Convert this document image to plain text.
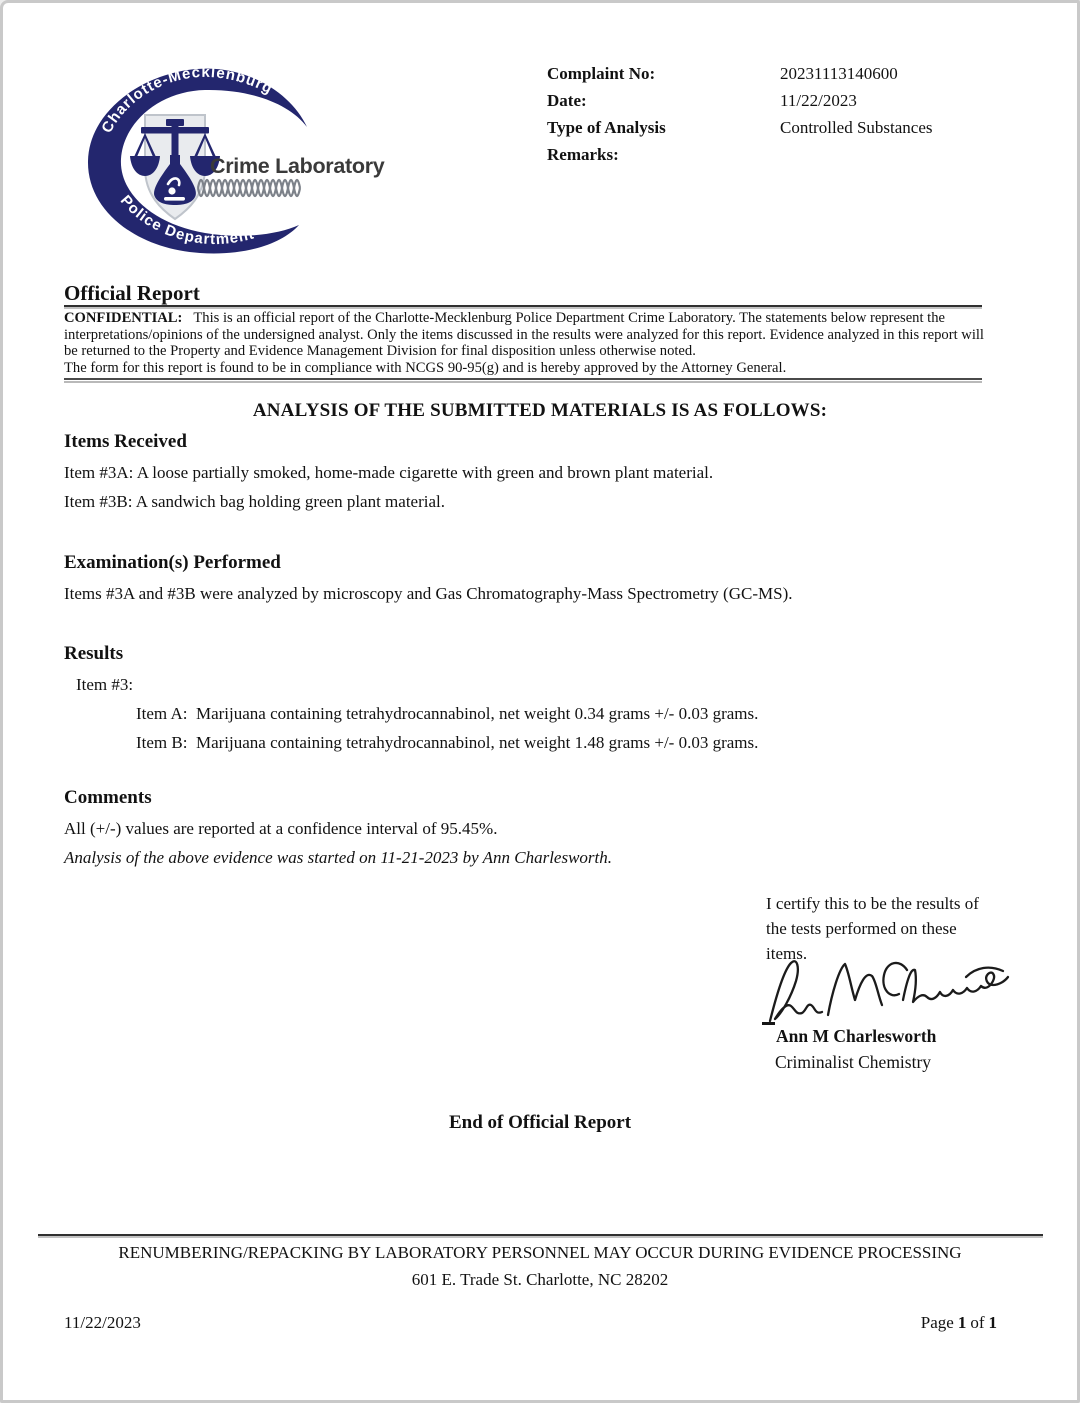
Charlotte-Mecklenburg
Police Department
Crime Laboratory
Complaint No:	20231113140600
Date:	11/22/2023
Type of Analysis	Controlled Substances
Remarks:
Official Report

CONFIDENTIAL: This is an official report of the Charlotte-Mecklenburg Police Department Crime Laboratory. The statements below represent the interpretations/opinions of the undersigned analyst. Only the items discussed in the results were analyzed for this report. Evidence analyzed in this report will be returned to the Property and Evidence Management Division for final disposition unless otherwise noted.

The form for this report is found to be in compliance with NCGS 90-95(g) and is hereby approved by the Attorney General.

ANALYSIS OF THE SUBMITTED MATERIALS IS AS FOLLOWS:
Items Received
Item #3A: A loose partially smoked, home-made cigarette with green and brown plant material.
Item #3B: A sandwich bag holding green plant material.
Examination(s) Performed
Items #3A and #3B were analyzed by microscopy and Gas Chromatography-Mass Spectrometry (GC-MS).
Results
Item #3:
Item A:  Marijuana containing tetrahydrocannabinol, net weight 0.34 grams +/- 0.03 grams.
Item B:  Marijuana containing tetrahydrocannabinol, net weight 1.48 grams +/- 0.03 grams.
Comments
All (+/-) values are reported at a confidence interval of 95.45%.
Analysis of the above evidence was started on 11-21-2023 by Ann Charlesworth.
I certify this to be the results of the tests performed on these items.
Ann M Charlesworth
Criminalist Chemistry
End of Official Report
RENUMBERING/REPACKING BY LABORATORY PERSONNEL MAY OCCUR DURING EVIDENCE PROCESSING
601 E. Trade St. Charlotte, NC 28202
11/22/2023	Page 1 of 1
